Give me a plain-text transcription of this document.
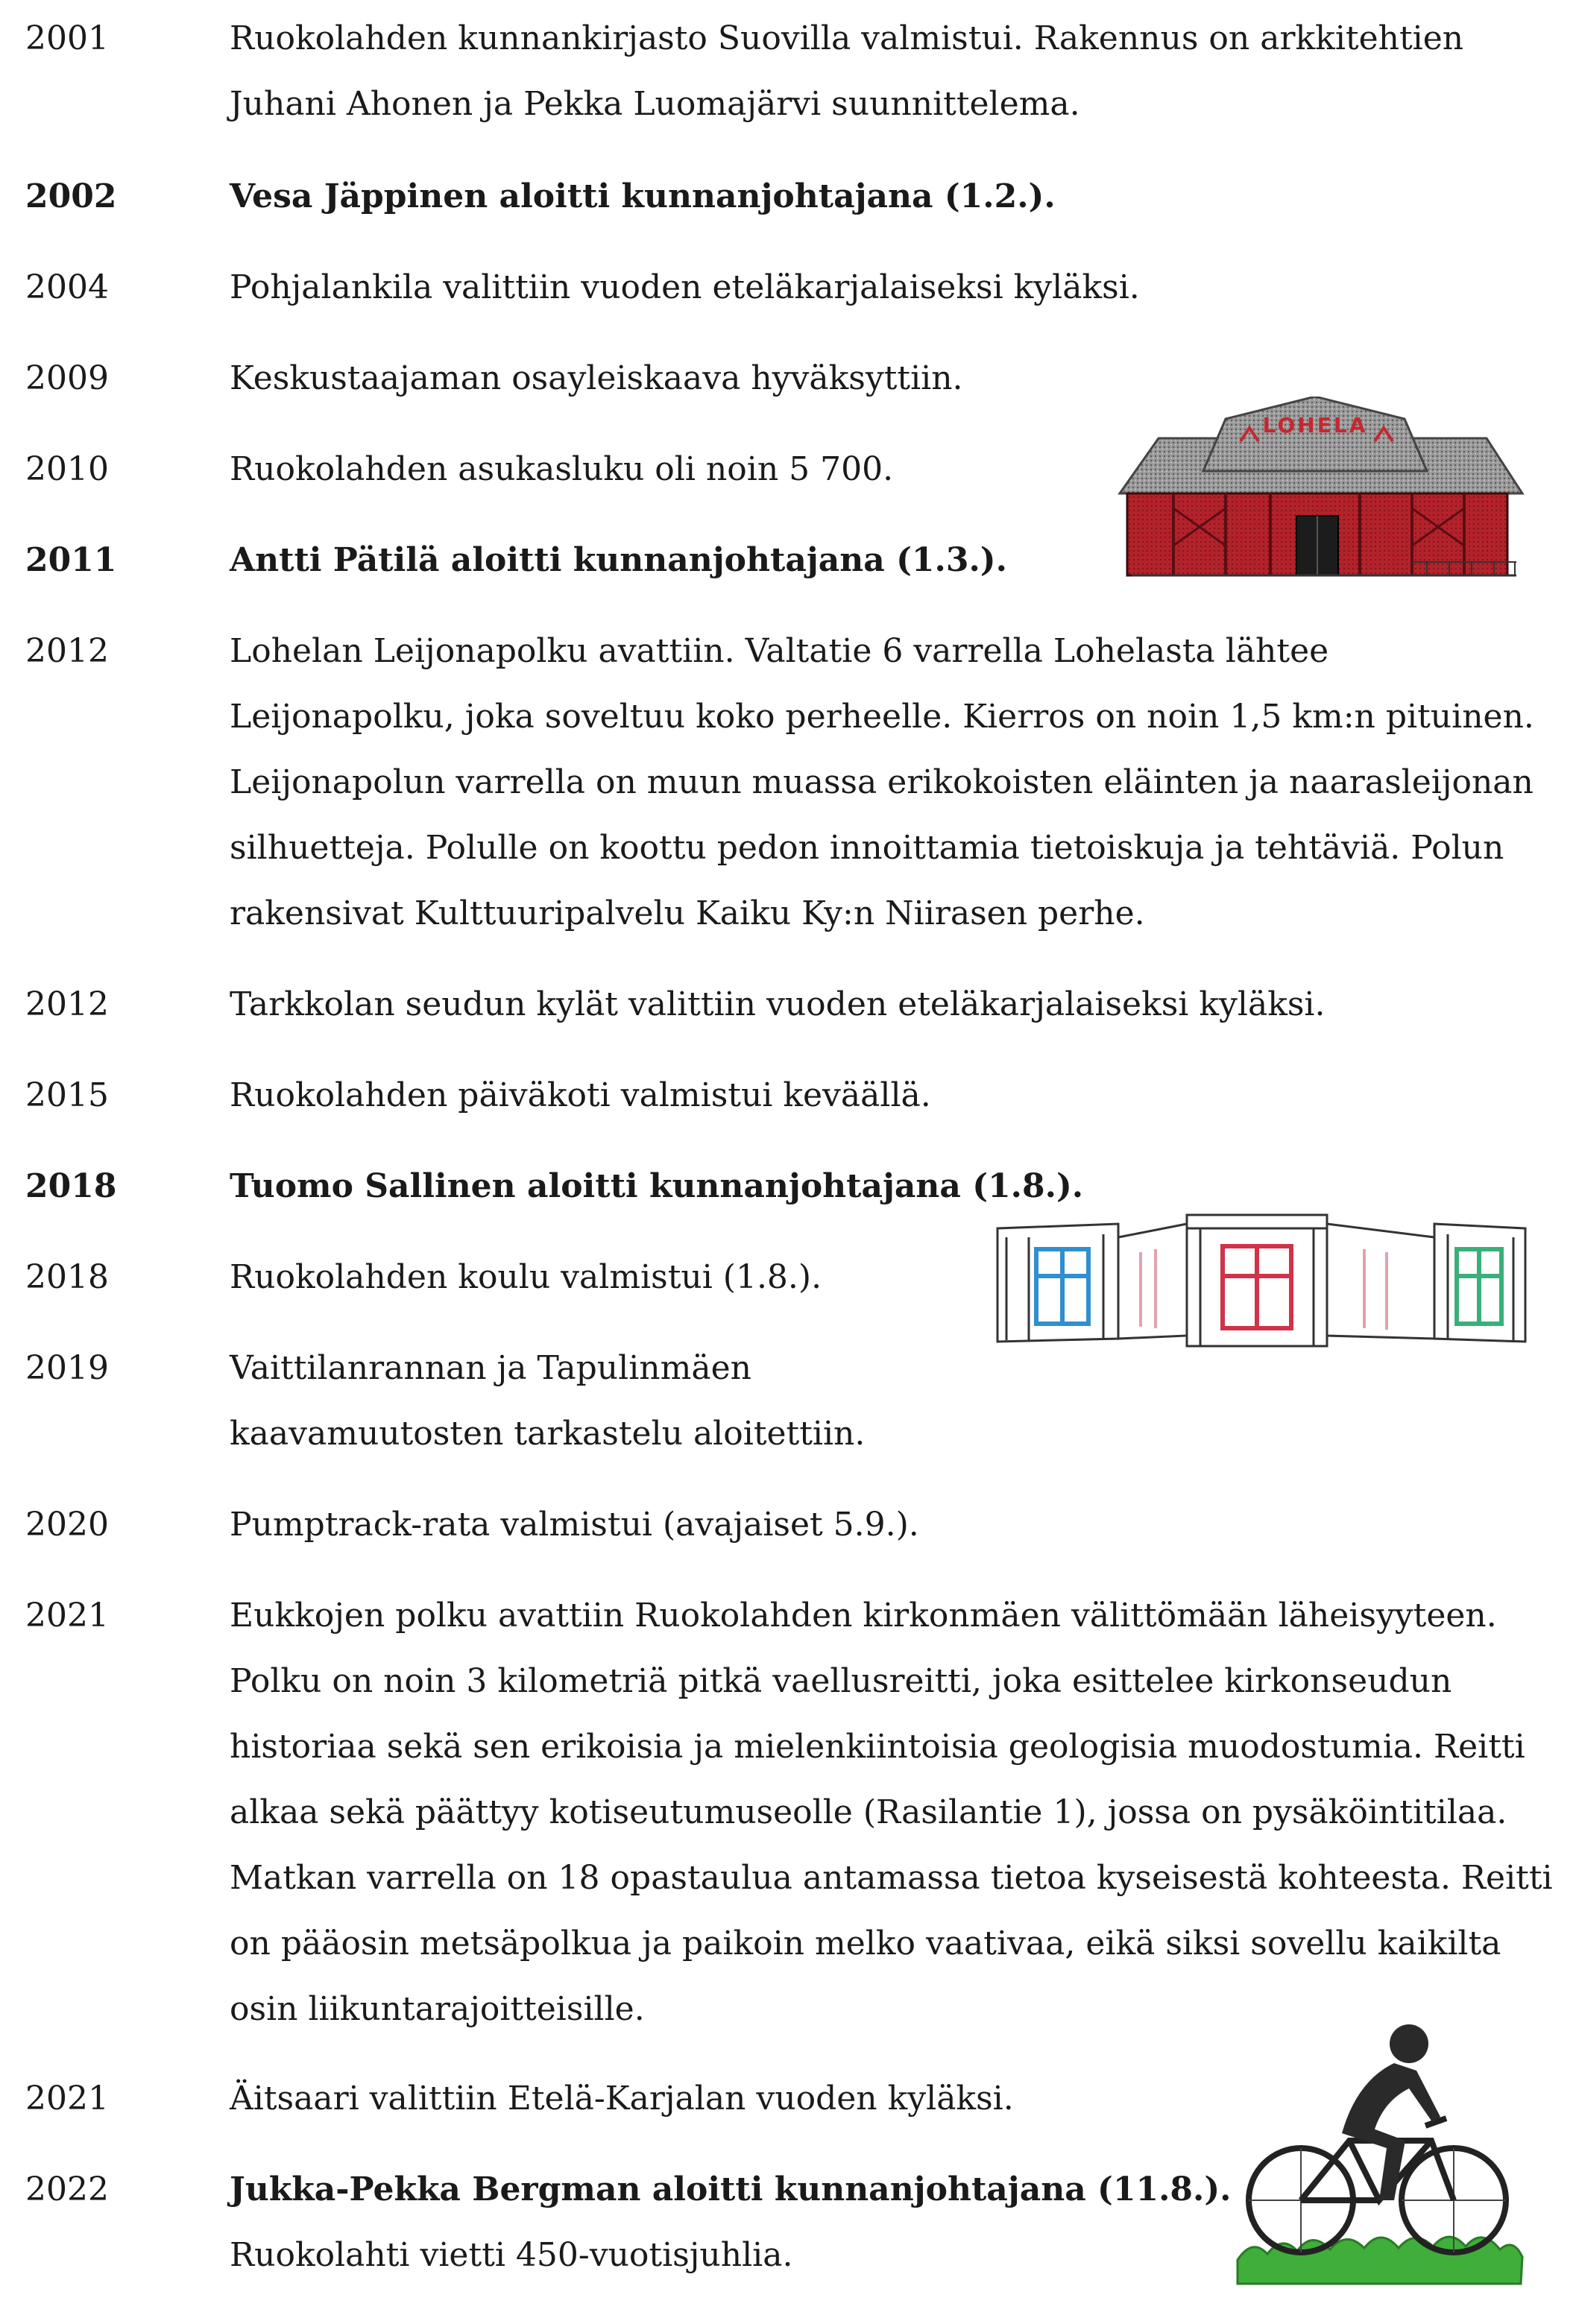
2001	Ruokolahden kunnankirjasto Suovilla valmistui. Rakennus on arkkitehtien Juhani Ahonen ja Pekka Luomajärvi suunnittelema.
2002	Vesa Jäppinen aloitti kunnanjohtajana (1.2.).
2004	Pohjalankila valittiin vuoden eteläkarjalaiseksi kyläksi.
2009	Keskustaajaman osayleiskaava hyväksyttiin.
2010	Ruokolahden asukasluku oli noin 5 700.
2011	Antti Pätilä aloitti kunnanjohtajana (1.3.).
2012	Lohelan Leijonapolku avattiin. Valtatie 6 varrella Lohelasta lähtee Leijonapolku, joka soveltuu koko perheelle. Kierros on noin 1,5 km:n pituinen. Leijonapolun varrella on muun muassa erikokoisten eläinten ja naarasleijonan silhuetteja. Polulle on koottu pedon innoittamia tietoiskuja ja tehtäviä. Polun rakensivat Kulttuuripalvelu Kaiku Ky:n Niirasen perhe.
2012	Tarkkolan seudun kylät valittiin vuoden eteläkarjalaiseksi kyläksi.
2015	Ruokolahden päiväkoti valmistui keväällä.
2018	Tuomo Sallinen aloitti kunnanjohtajana (1.8.).
2018	Ruokolahden koulu valmistui (1.8.).
2019	Vaittilanrannan ja Tapulinmäen kaavamuutosten tarkastelu aloitettiin.
2020	Pumptrack-rata valmistui (avajaiset 5.9.).
2021	Eukkojen polku avattiin Ruokolahden kirkonmäen välittömään läheisyyteen. Polku on noin 3 kilometriä pitkä vaellusreitti, joka esittelee kirkonseudun historiaa sekä sen erikoisia ja mielenkiintoisia geologisia muodostumia. Reitti alkaa sekä päättyy kotiseutumuseolle (Rasilantie 1), jossa on pysäköintitilaa. Matkan varrella on 18 opastaulua antamassa tietoa kyseisestä kohteesta. Reitti on pääosin metsäpolkua ja paikoin melko vaativaa, eikä siksi sovellu kaikilta osin liikuntarajoitteisille.
2021	Äitsaari valittiin Etelä-Karjalan vuoden kyläksi.
2022	Jukka-Pekka Bergman aloitti kunnanjohtajana (11.8.).
Ruokolahti vietti 450-vuotisjuhlia.
LOHELA
